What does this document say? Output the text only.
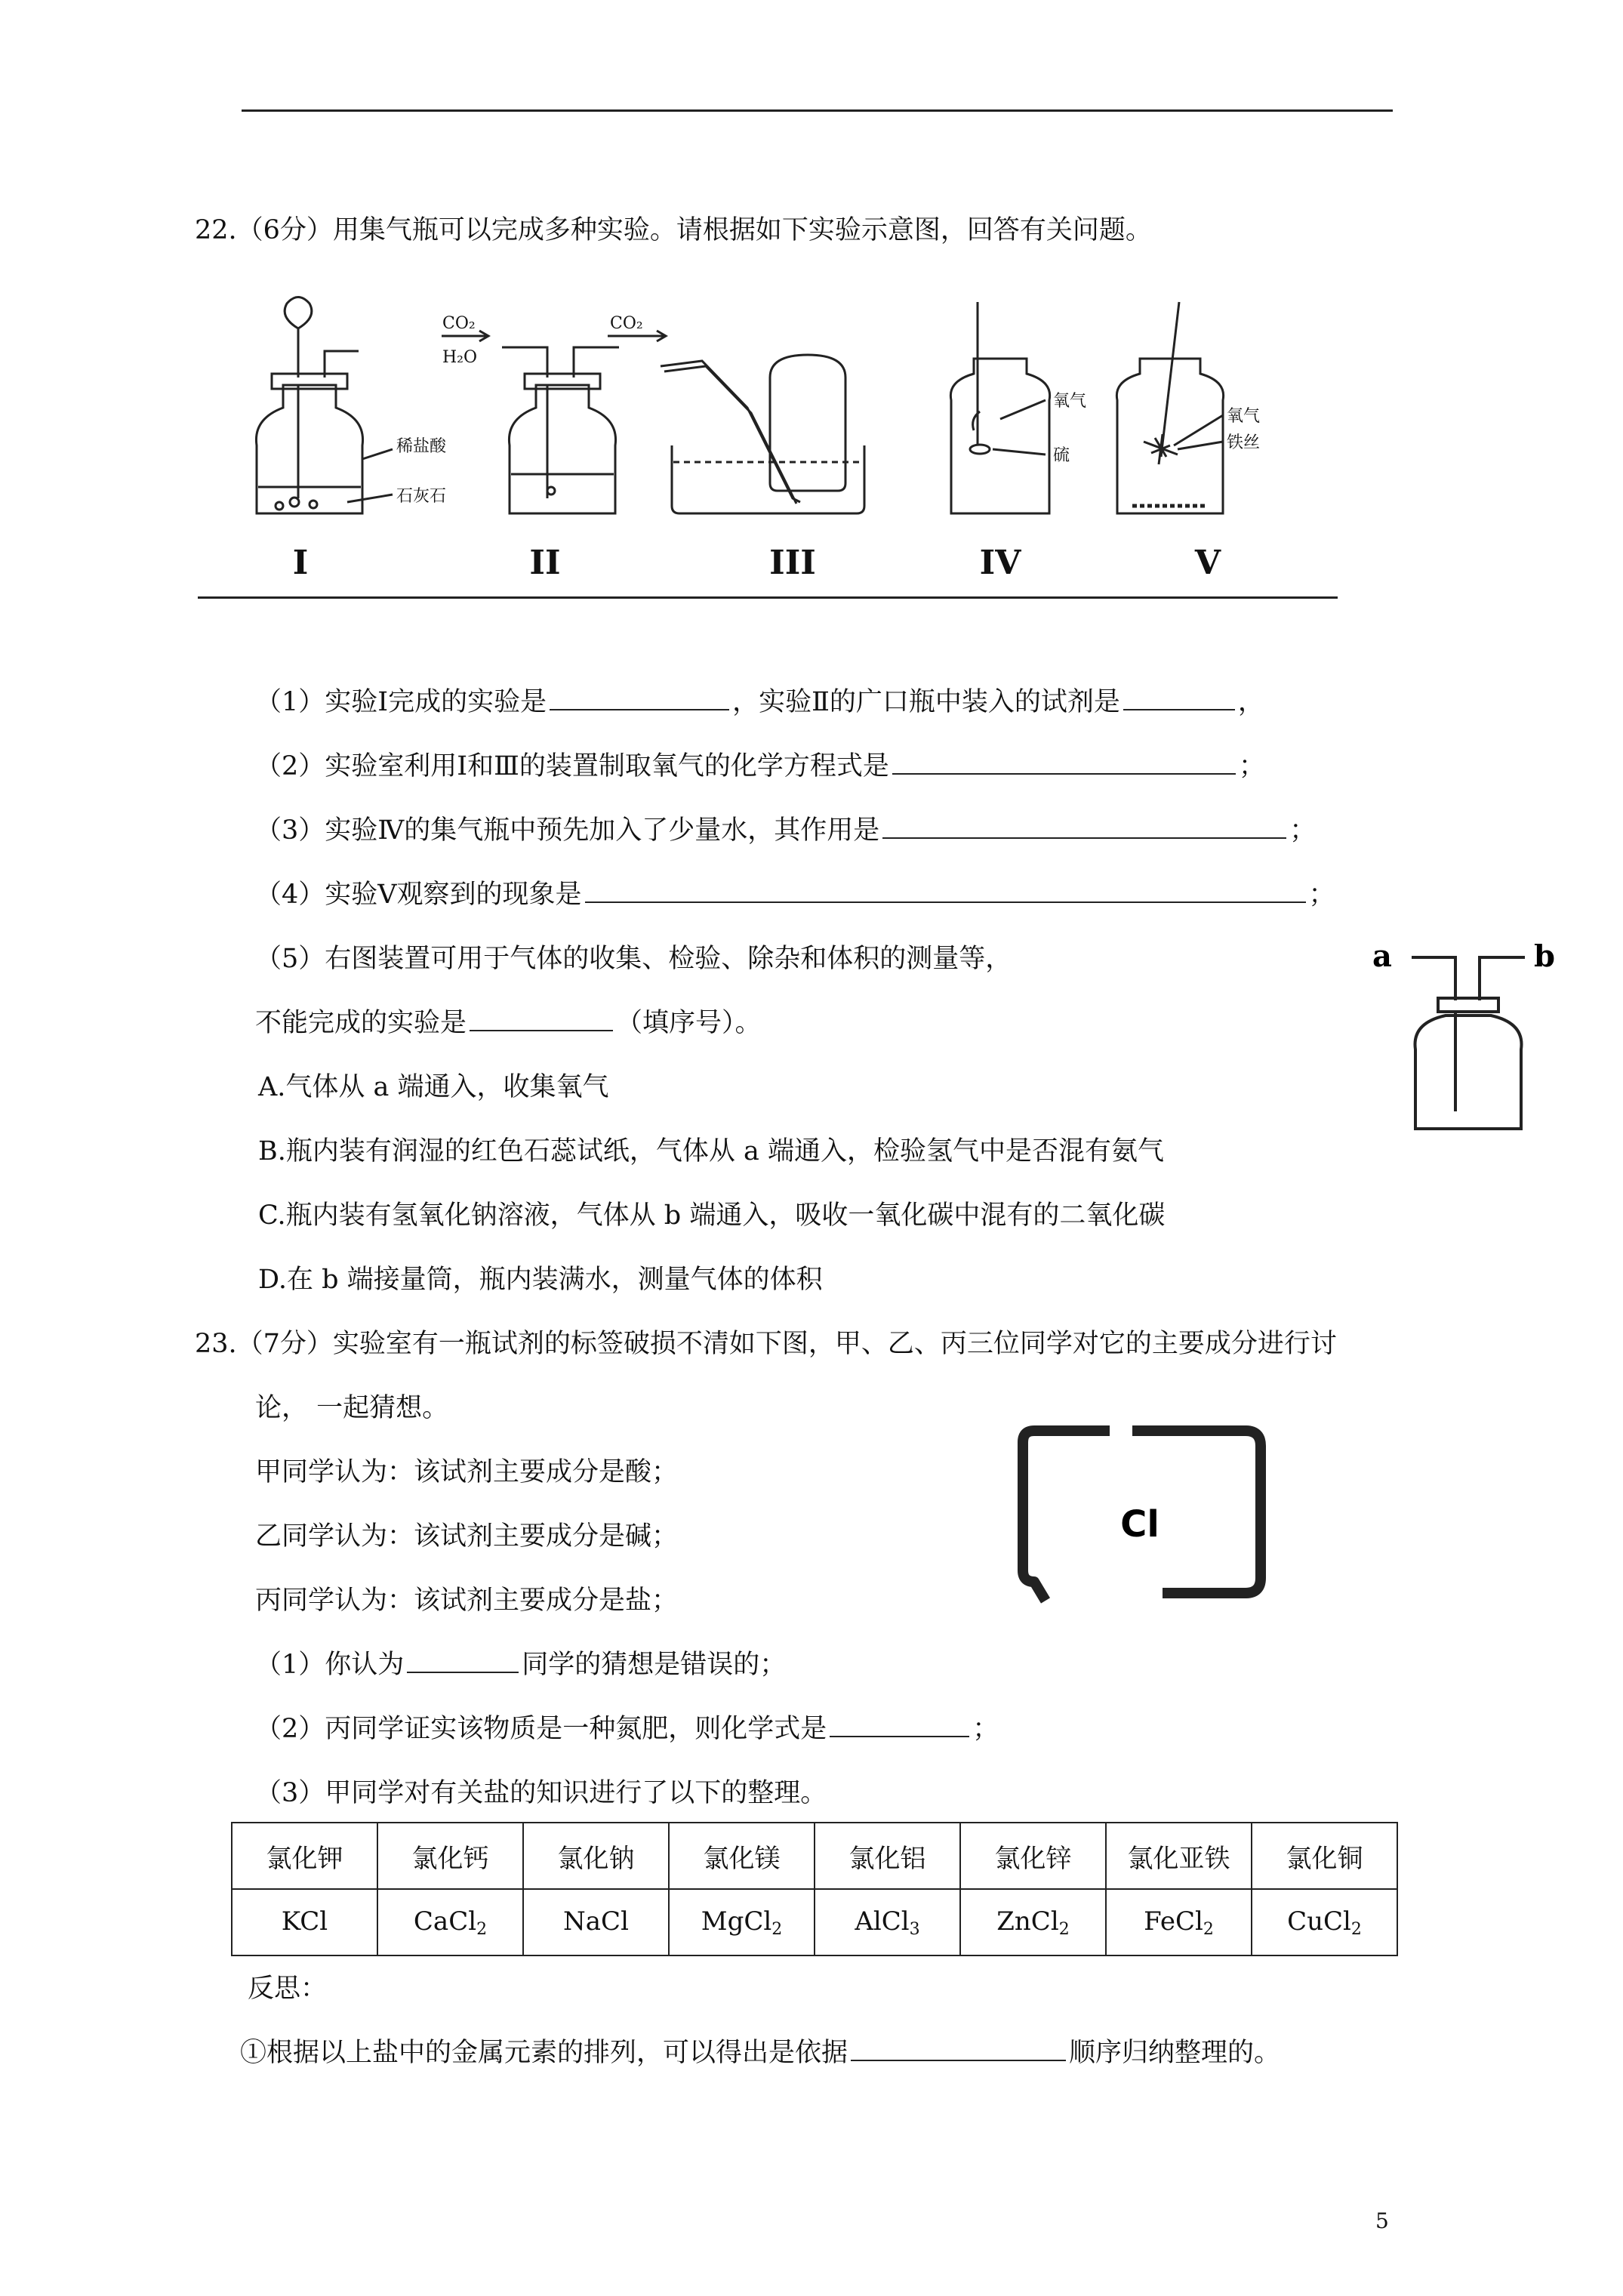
22.（6分）用集气瓶可以完成多种实验。请根据如下实验示意图，回答有关问题。
CO₂
H₂O
CO₂
稀盐酸
石灰石
氧气
硫
氧气
铁丝
I	II	III	IV	V
（1）实验Ⅰ完成的实验是	，实验Ⅱ的广口瓶中装入的试剂是	，
（2）实验室利用Ⅰ和Ⅲ的装置制取氧气的化学方程式是	；
（3）实验Ⅳ的集气瓶中预先加入了少量水，其作用是	；
（4）实验Ⅴ观察到的现象是	；
（5）右图装置可用于气体的收集、检验、除杂和体积的测量等，
不能完成的实验是	（填序号）。
A.气体从 a 端通入，收集氧气
B.瓶内装有润湿的红色石蕊试纸，气体从 a 端通入，检验氢气中是否混有氨气
C.瓶内装有氢氧化钠溶液，气体从 b 端通入，吸收一氧化碳中混有的二氧化碳
D.在 b 端接量筒，瓶内装满水，测量气体的体积
a	b
23.（7分）实验室有一瓶试剂的标签破损不清如下图，甲、乙、丙三位同学对它的主要成分进行讨
论， 一起猜想。
甲同学认为：该试剂主要成分是酸；
乙同学认为：该试剂主要成分是碱；
丙同学认为：该试剂主要成分是盐；
Cl
（1）你认为	同学的猜想是错误的；
（2）丙同学证实该物质是一种氮肥，则化学式是	；
（3）甲同学对有关盐的知识进行了以下的整理。
氯化钾	氯化钙	氯化钠	氯化镁	氯化铝	氯化锌	氯化亚铁	氯化铜
KCl	CaCl$_2$	NaCl	MgCl$_2$	AlCl$_3$	ZnCl$_2$	FeCl$_2$	CuCl$_2$
反思：
①根据以上盐中的金属元素的排列，可以得出是依据	顺序归纳整理的。
5
